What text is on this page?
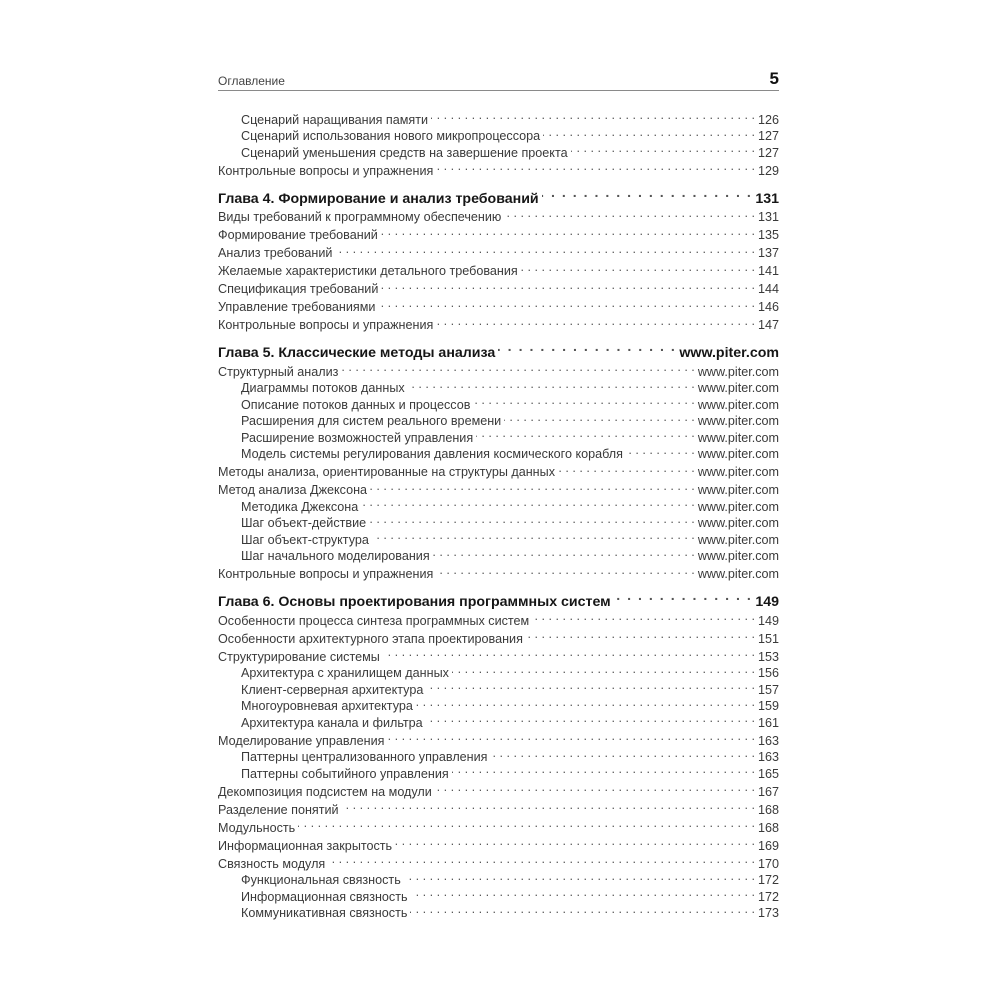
Оглавление	5
Сценарий наращивания памяти . . .	126
Сценарий использования нового микропроцессора . . .	127
Сценарий уменьшения средств на завершение проекта . . .	127
Контрольные вопросы и упражнения . . .	129
Глава 4. Формирование и анализ требований . . .	131
Виды требований к программному обеспечению . . .	131
Формирование требований . . .	135
Анализ требований . . .	137
Желаемые характеристики детального требования . . .	141
Спецификация требований . . .	144
Управление требованиями . . .	146
Контрольные вопросы и упражнения . . .	147
Глава 5. Классические методы анализа . . .	www.piter.com
Структурный анализ . . .	www.piter.com
Диаграммы потоков данных . . .	www.piter.com
Описание потоков данных и процессов . . .	www.piter.com
Расширения для систем реального времени . . .	www.piter.com
Расширение возможностей управления . . .	www.piter.com
Модель системы регулирования давления космического корабля . . .	www.piter.com
Методы анализа, ориентированные на структуры данных . . .	www.piter.com
Метод анализа Джексона . . .	www.piter.com
Методика Джексона . . .	www.piter.com
Шаг объект-действие . . .	www.piter.com
Шаг объект-структура . . .	www.piter.com
Шаг начального моделирования . . .	www.piter.com
Контрольные вопросы и упражнения . . .	www.piter.com
Глава 6. Основы проектирования программных систем . . .	149
Особенности процесса синтеза программных систем . . .	149
Особенности архитектурного этапа проектирования . . .	151
Структурирование системы . . .	153
Архитектура с хранилищем данных . . .	156
Клиент-серверная архитектура . . .	157
Многоуровневая архитектура . . .	159
Архитектура канала и фильтра . . .	161
Моделирование управления . . .	163
Паттерны централизованного управления . . .	163
Паттерны событийного управления . . .	165
Декомпозиция подсистем на модули . . .	167
Разделение понятий . . .	168
Модульность . . .	168
Информационная закрытость . . .	169
Связность модуля . . .	170
Функциональная связность . . .	172
Информационная связность . . .	172
Коммуникативная связность . . .	173
